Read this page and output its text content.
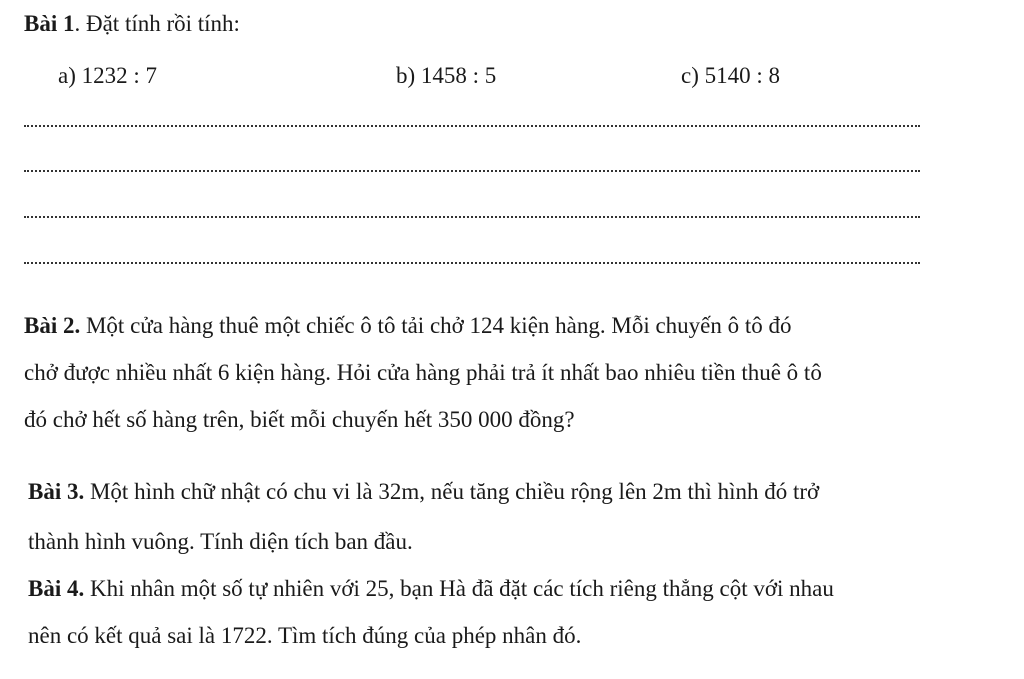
Bài 1. Đặt tính rồi tính:
a) 1232 : 7	b) 1458 : 5	c) 5140 : 8
Bài 2. Một cửa hàng thuê một chiếc ô tô tải chở 124 kiện hàng. Mỗi chuyến ô tô đó
chở được nhiều nhất 6 kiện hàng. Hỏi cửa hàng phải trả ít nhất bao nhiêu tiền thuê ô tô
đó chở hết số hàng trên, biết mỗi chuyến hết 350 000 đồng?
Bài 3. Một hình chữ nhật có chu vi là 32m, nếu tăng chiều rộng lên 2m thì hình đó trở
thành hình vuông. Tính diện tích ban đầu.
Bài 4. Khi nhân một số tự nhiên với 25, bạn Hà đã đặt các tích riêng thẳng cột với nhau
nên có kết quả sai là 1722. Tìm tích đúng của phép nhân đó.
